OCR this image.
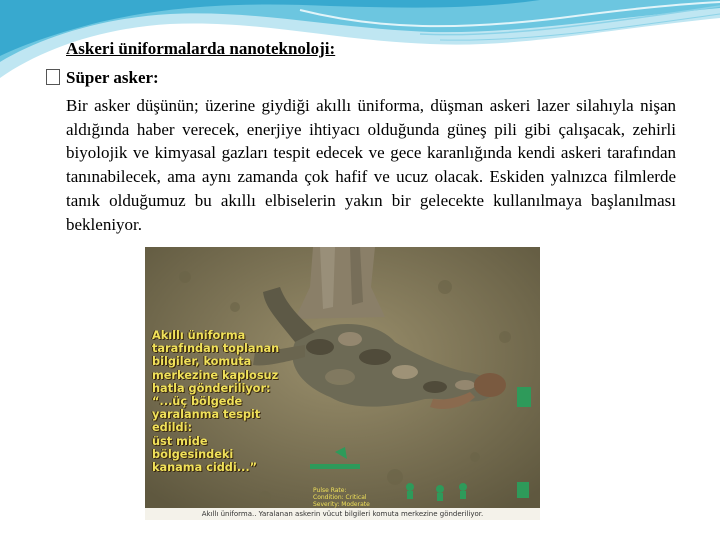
Askeri üniformalarda nanoteknoloji:
Süper asker:
Bir asker düşünün; üzerine giydiği akıllı üniforma, düşman askeri lazer silahıyla nişan aldığında haber verecek, enerjiye ihtiyacı olduğunda güneş pili gibi çalışacak, zehirli biyolojik ve kimyasal gazları tespit edecek ve gece karanlığında kendi askeri tarafından tanınabilecek, ama aynı zamanda çok hafif ve ucuz olacak. Eskiden yalnızca filmlerde tanık olduğumuz bu akıllı elbiselerin yakın bir gelecekte kullanılmaya başlanılması bekleniyor.
Akıllı üniforma
tarafından toplanan
bilgiler, komuta
merkezine kaplosuz
hatla gönderiliyor:
“...üç bölgede
yaralanma tespit edildi:
üst mide bölgesindeki
kanama ciddi...”
Pulse Rate:
Condition: Critical
Severity: Moderate
Akıllı üniforma.. Yaralanan askerin vücut bilgileri komuta merkezine gönderiliyor.
